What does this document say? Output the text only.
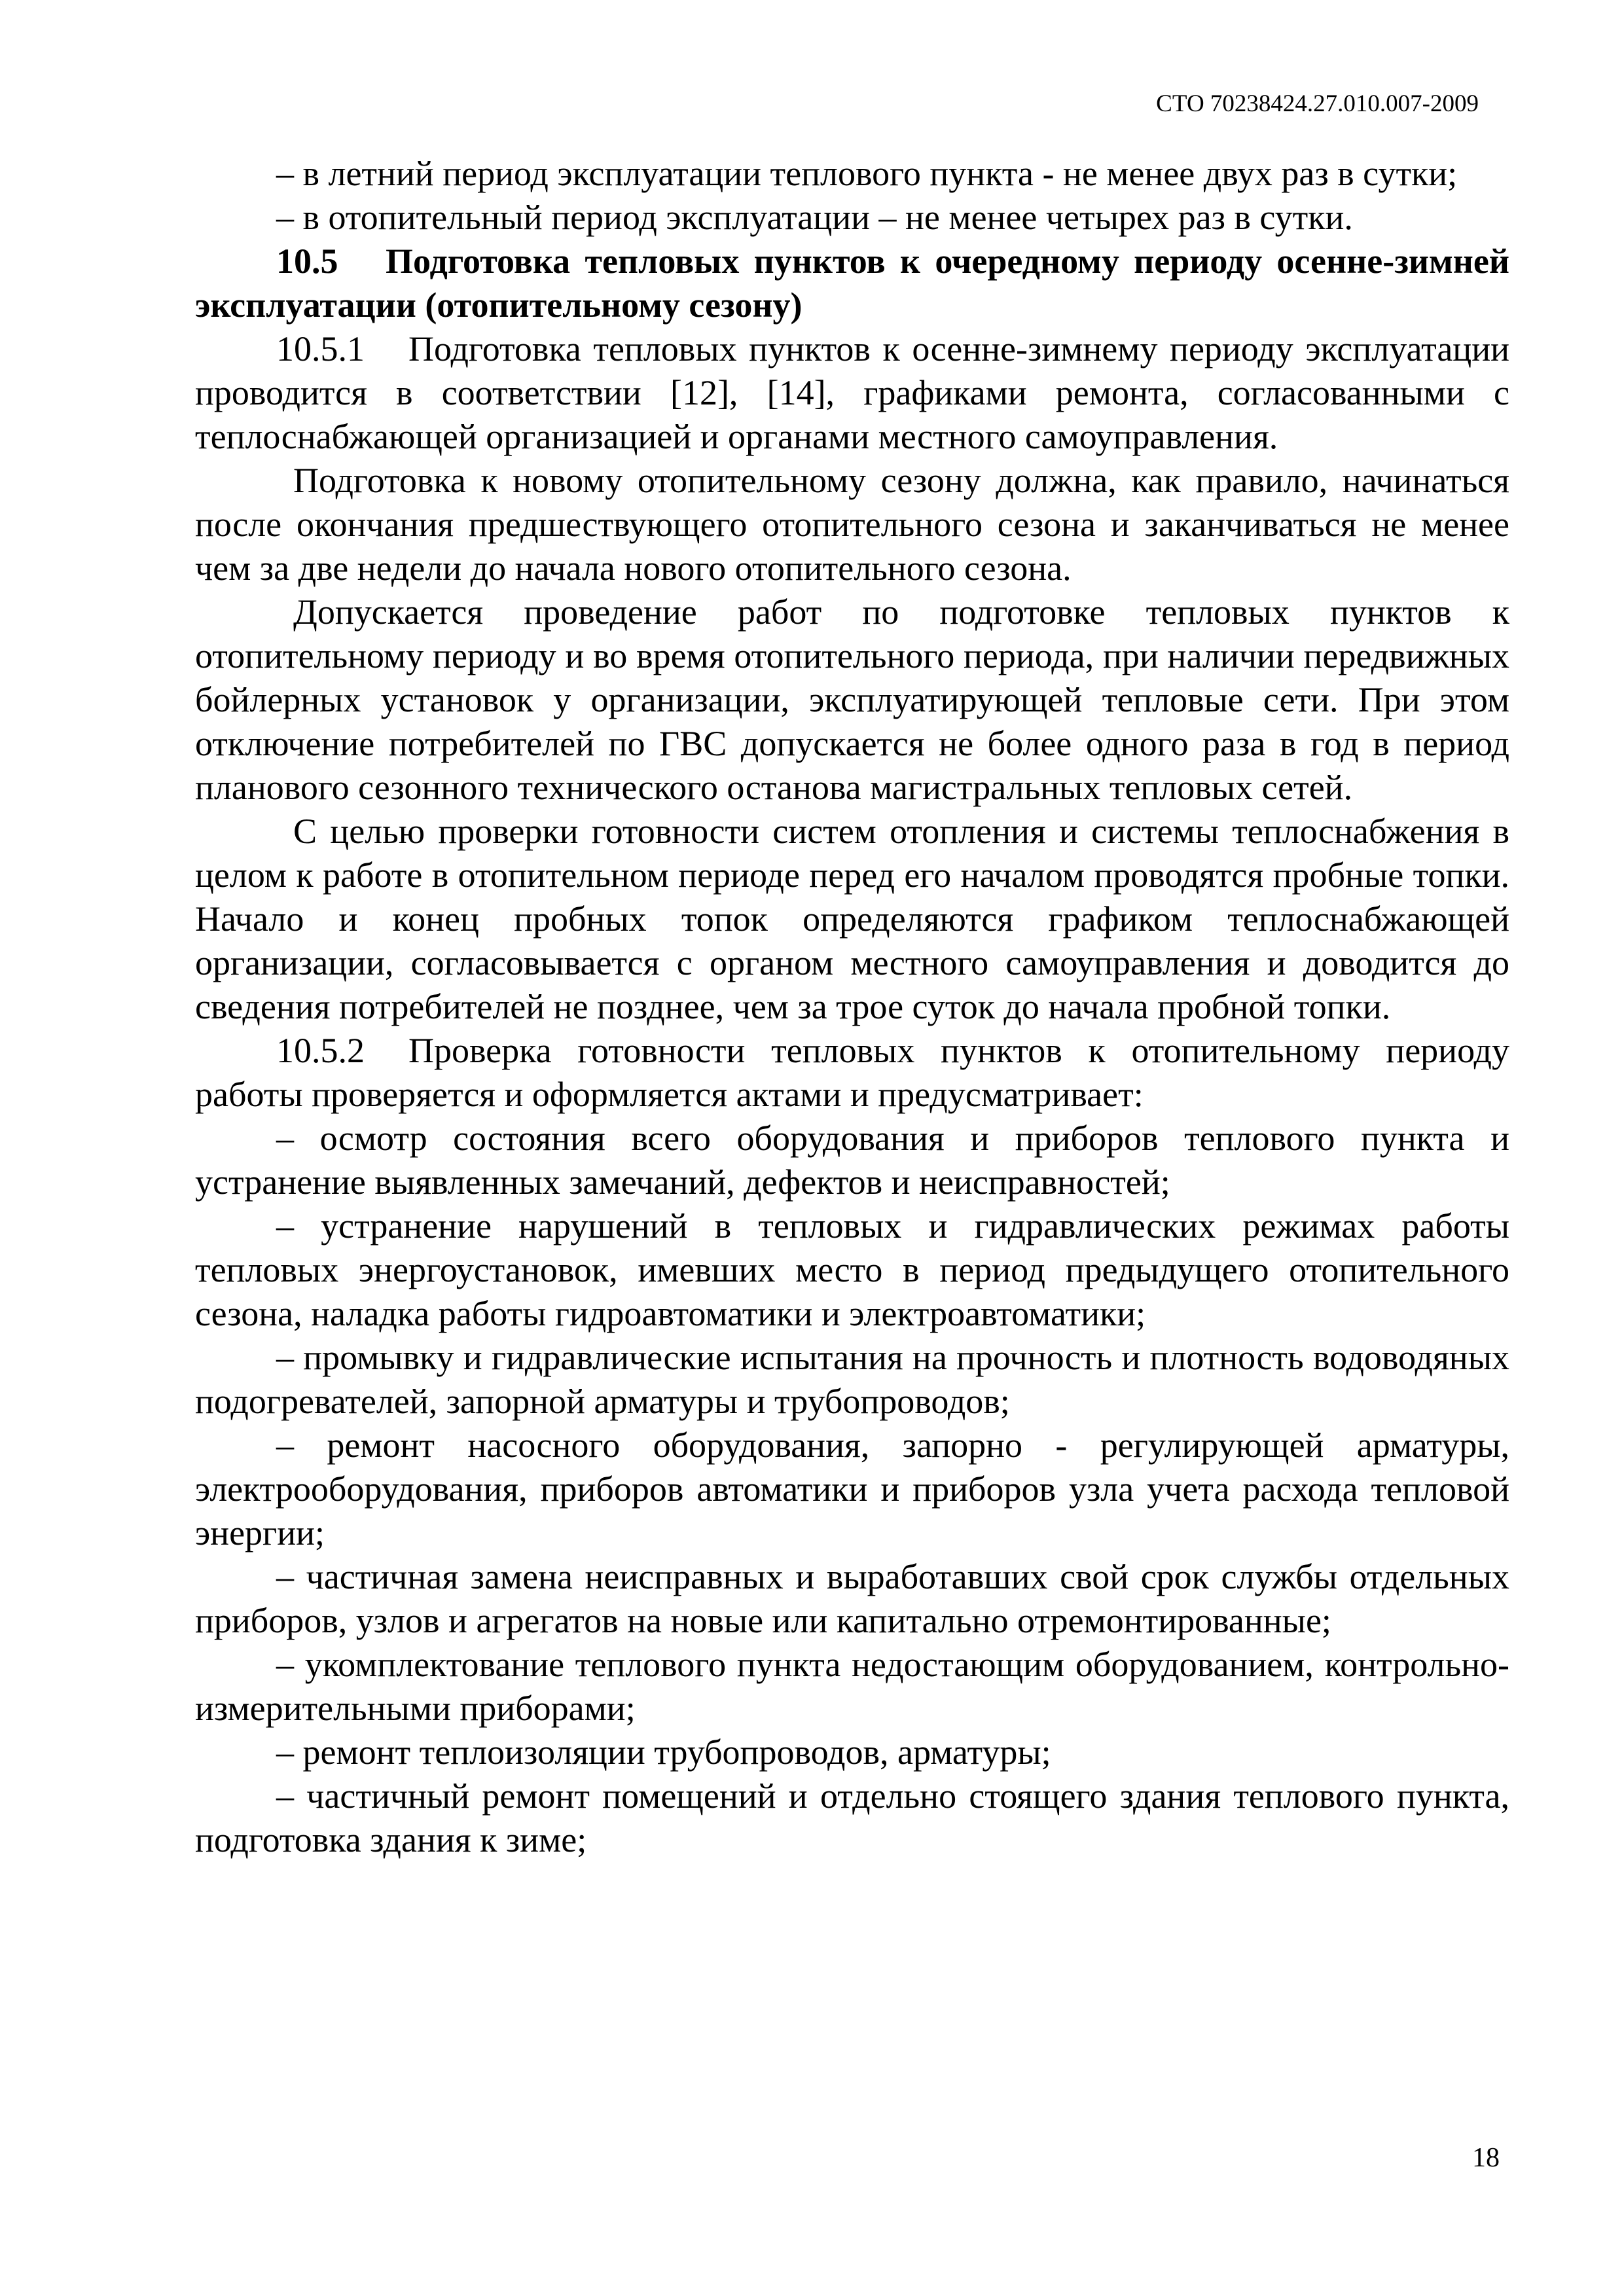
СТО 70238424.27.010.007-2009

– в летний период эксплуатации теплового пункта - не менее двух раз в сутки;

– в отопительный период эксплуатации – не менее четырех раз в сутки.

10.5 Подготовка тепловых пунктов к очередному периоду осенне-зимней эксплуатации (отопительному сезону)

10.5.1 Подготовка тепловых пунктов к осенне-зимнему периоду эксплуатации проводится в соответствии [12], [14], графиками ремонта, согласованными с теплоснабжающей организацией и органами местного самоуправления.

Подготовка к новому отопительному сезону должна, как правило, начинаться после окончания предшествующего отопительного сезона и заканчиваться не менее чем за две недели до начала нового отопительного сезона.

Допускается проведение работ по подготовке тепловых пунктов к отопительному периоду и во время отопительного периода, при наличии передвижных бойлерных установок у организации, эксплуатирующей тепловые сети. При этом отключение потребителей по ГВС допускается не более одного раза в год в период планового сезонного технического останова магистральных тепловых сетей.

С целью проверки готовности систем отопления и системы теплоснабжения в целом к работе в отопительном периоде перед его началом проводятся пробные топки. Начало и конец пробных топок определяются графиком теплоснабжающей организации, согласовывается с органом местного самоуправления и доводится до сведения потребителей не позднее, чем за трое суток до начала пробной топки.

10.5.2 Проверка готовности тепловых пунктов к отопительному периоду работы проверяется и оформляется актами и предусматривает:

– осмотр состояния всего оборудования и приборов теплового пункта и устранение выявленных замечаний, дефектов и неисправностей;

– устранение нарушений в тепловых и гидравлических режимах работы тепловых энергоустановок, имевших место в период предыдущего отопительного сезона, наладка работы гидроавтоматики и электроавтоматики;

– промывку и гидравлические испытания на прочность и плотность водоводяных подогревателей, запорной арматуры и трубопроводов;

– ремонт насосного оборудования, запорно - регулирующей арматуры, электрооборудования, приборов автоматики и приборов узла учета расхода тепловой энергии;

– частичная замена неисправных и выработавших свой срок службы отдельных приборов, узлов и агрегатов на новые или капитально отремонтированные;

– укомплектование теплового пункта недостающим оборудованием, контрольно-измерительными приборами;

– ремонт теплоизоляции трубопроводов, арматуры;

– частичный ремонт помещений и отдельно стоящего здания теплового пункта, подготовка здания к зиме;

18
